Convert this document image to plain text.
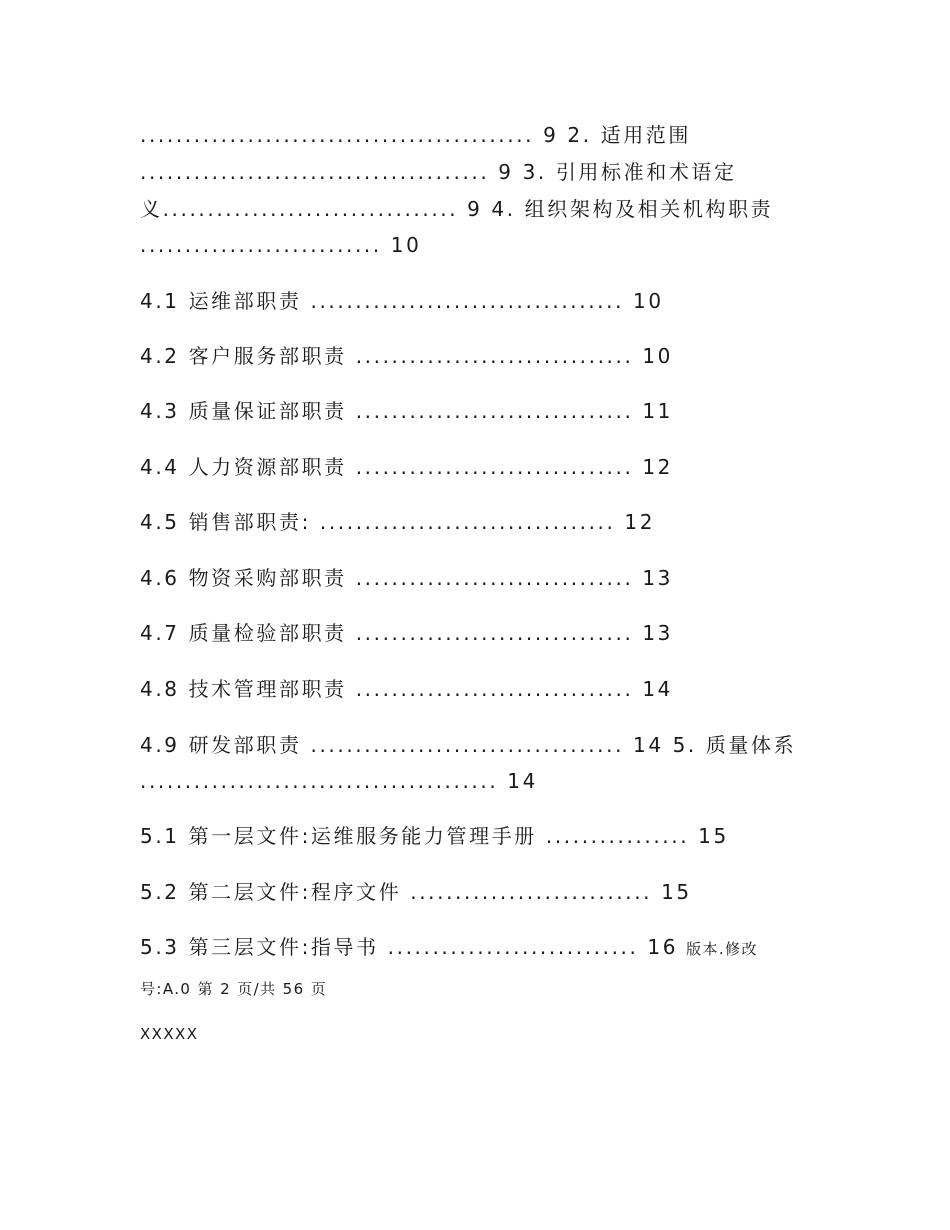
............................................ 9 2. 适用范围
....................................... 9 3. 引用标准和术语定
义................................. 9 4. 组织架构及相关机构职责
........................... 10
4.1 运维部职责 ................................... 10
4.2 客户服务部职责 ............................... 10
4.3 质量保证部职责 ............................... 11
4.4 人力资源部职责 ............................... 12
4.5 销售部职责: ................................. 12
4.6 物资采购部职责 ............................... 13
4.7 质量检验部职责 ............................... 13
4.8 技术管理部职责 ............................... 14
4.9 研发部职责 ................................... 14 5. 质量体系
........................................ 14
5.1 第一层文件:运维服务能力管理手册 ................ 15
5.2 第二层文件:程序文件 ........................... 15
5.3 第三层文件:指导书 ............................ 16 版本.修改
号:A.0 第 2 页/共 56 页
XXXXX
